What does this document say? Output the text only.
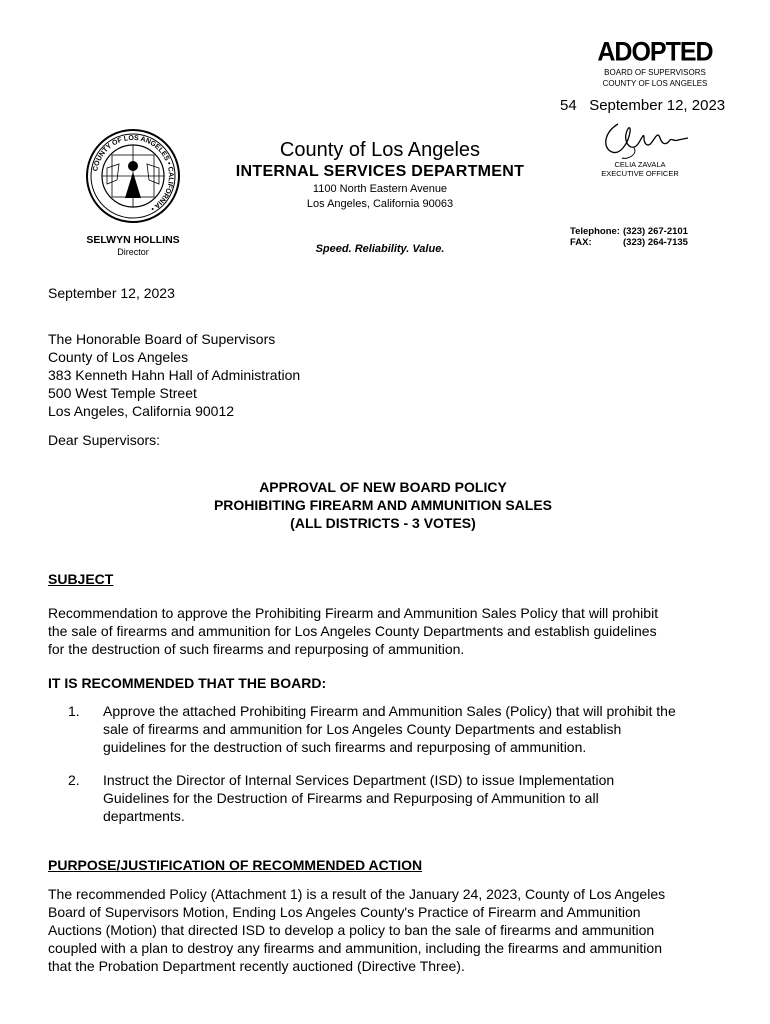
ADOPTED
BOARD OF SUPERVISORS
COUNTY OF LOS ANGELES
54 September 12, 2023
CELIA ZAVALA
EXECUTIVE OFFICER
COUNTY OF LOS ANGELES • CALIFORNIA •
County of Los Angeles
INTERNAL SERVICES DEPARTMENT
1100 North Eastern Avenue
Los Angeles, California 90063
SELWYN HOLLINS
Director	Speed. Reliability. Value.
Telephone: (323) 267-2101
FAX:	(323) 264-7135
September 12, 2023
The Honorable Board of Supervisors
County of Los Angeles
383 Kenneth Hahn Hall of Administration
500 West Temple Street
Los Angeles, California 90012
Dear Supervisors:
APPROVAL OF NEW BOARD POLICY
PROHIBITING FIREARM AND AMMUNITION SALES
(ALL DISTRICTS - 3 VOTES)
SUBJECT
Recommendation to approve the Prohibiting Firearm and Ammunition Sales Policy that will prohibit
the sale of firearms and ammunition for Los Angeles County Departments and establish guidelines
for the destruction of such firearms and repurposing of ammunition.
IT IS RECOMMENDED THAT THE BOARD:
1. Approve the attached Prohibiting Firearm and Ammunition Sales (Policy) that will prohibit the
sale of firearms and ammunition for Los Angeles County Departments and establish
guidelines for the destruction of such firearms and repurposing of ammunition.
2. Instruct the Director of Internal Services Department (ISD) to issue Implementation
Guidelines for the Destruction of Firearms and Repurposing of Ammunition to all
departments.
PURPOSE/JUSTIFICATION OF RECOMMENDED ACTION
The recommended Policy (Attachment 1) is a result of the January 24, 2023, County of Los Angeles
Board of Supervisors Motion, Ending Los Angeles County's Practice of Firearm and Ammunition
Auctions (Motion) that directed ISD to develop a policy to ban the sale of firearms and ammunition
coupled with a plan to destroy any firearms and ammunition, including the firearms and ammunition
that the Probation Department recently auctioned (Directive Three).
